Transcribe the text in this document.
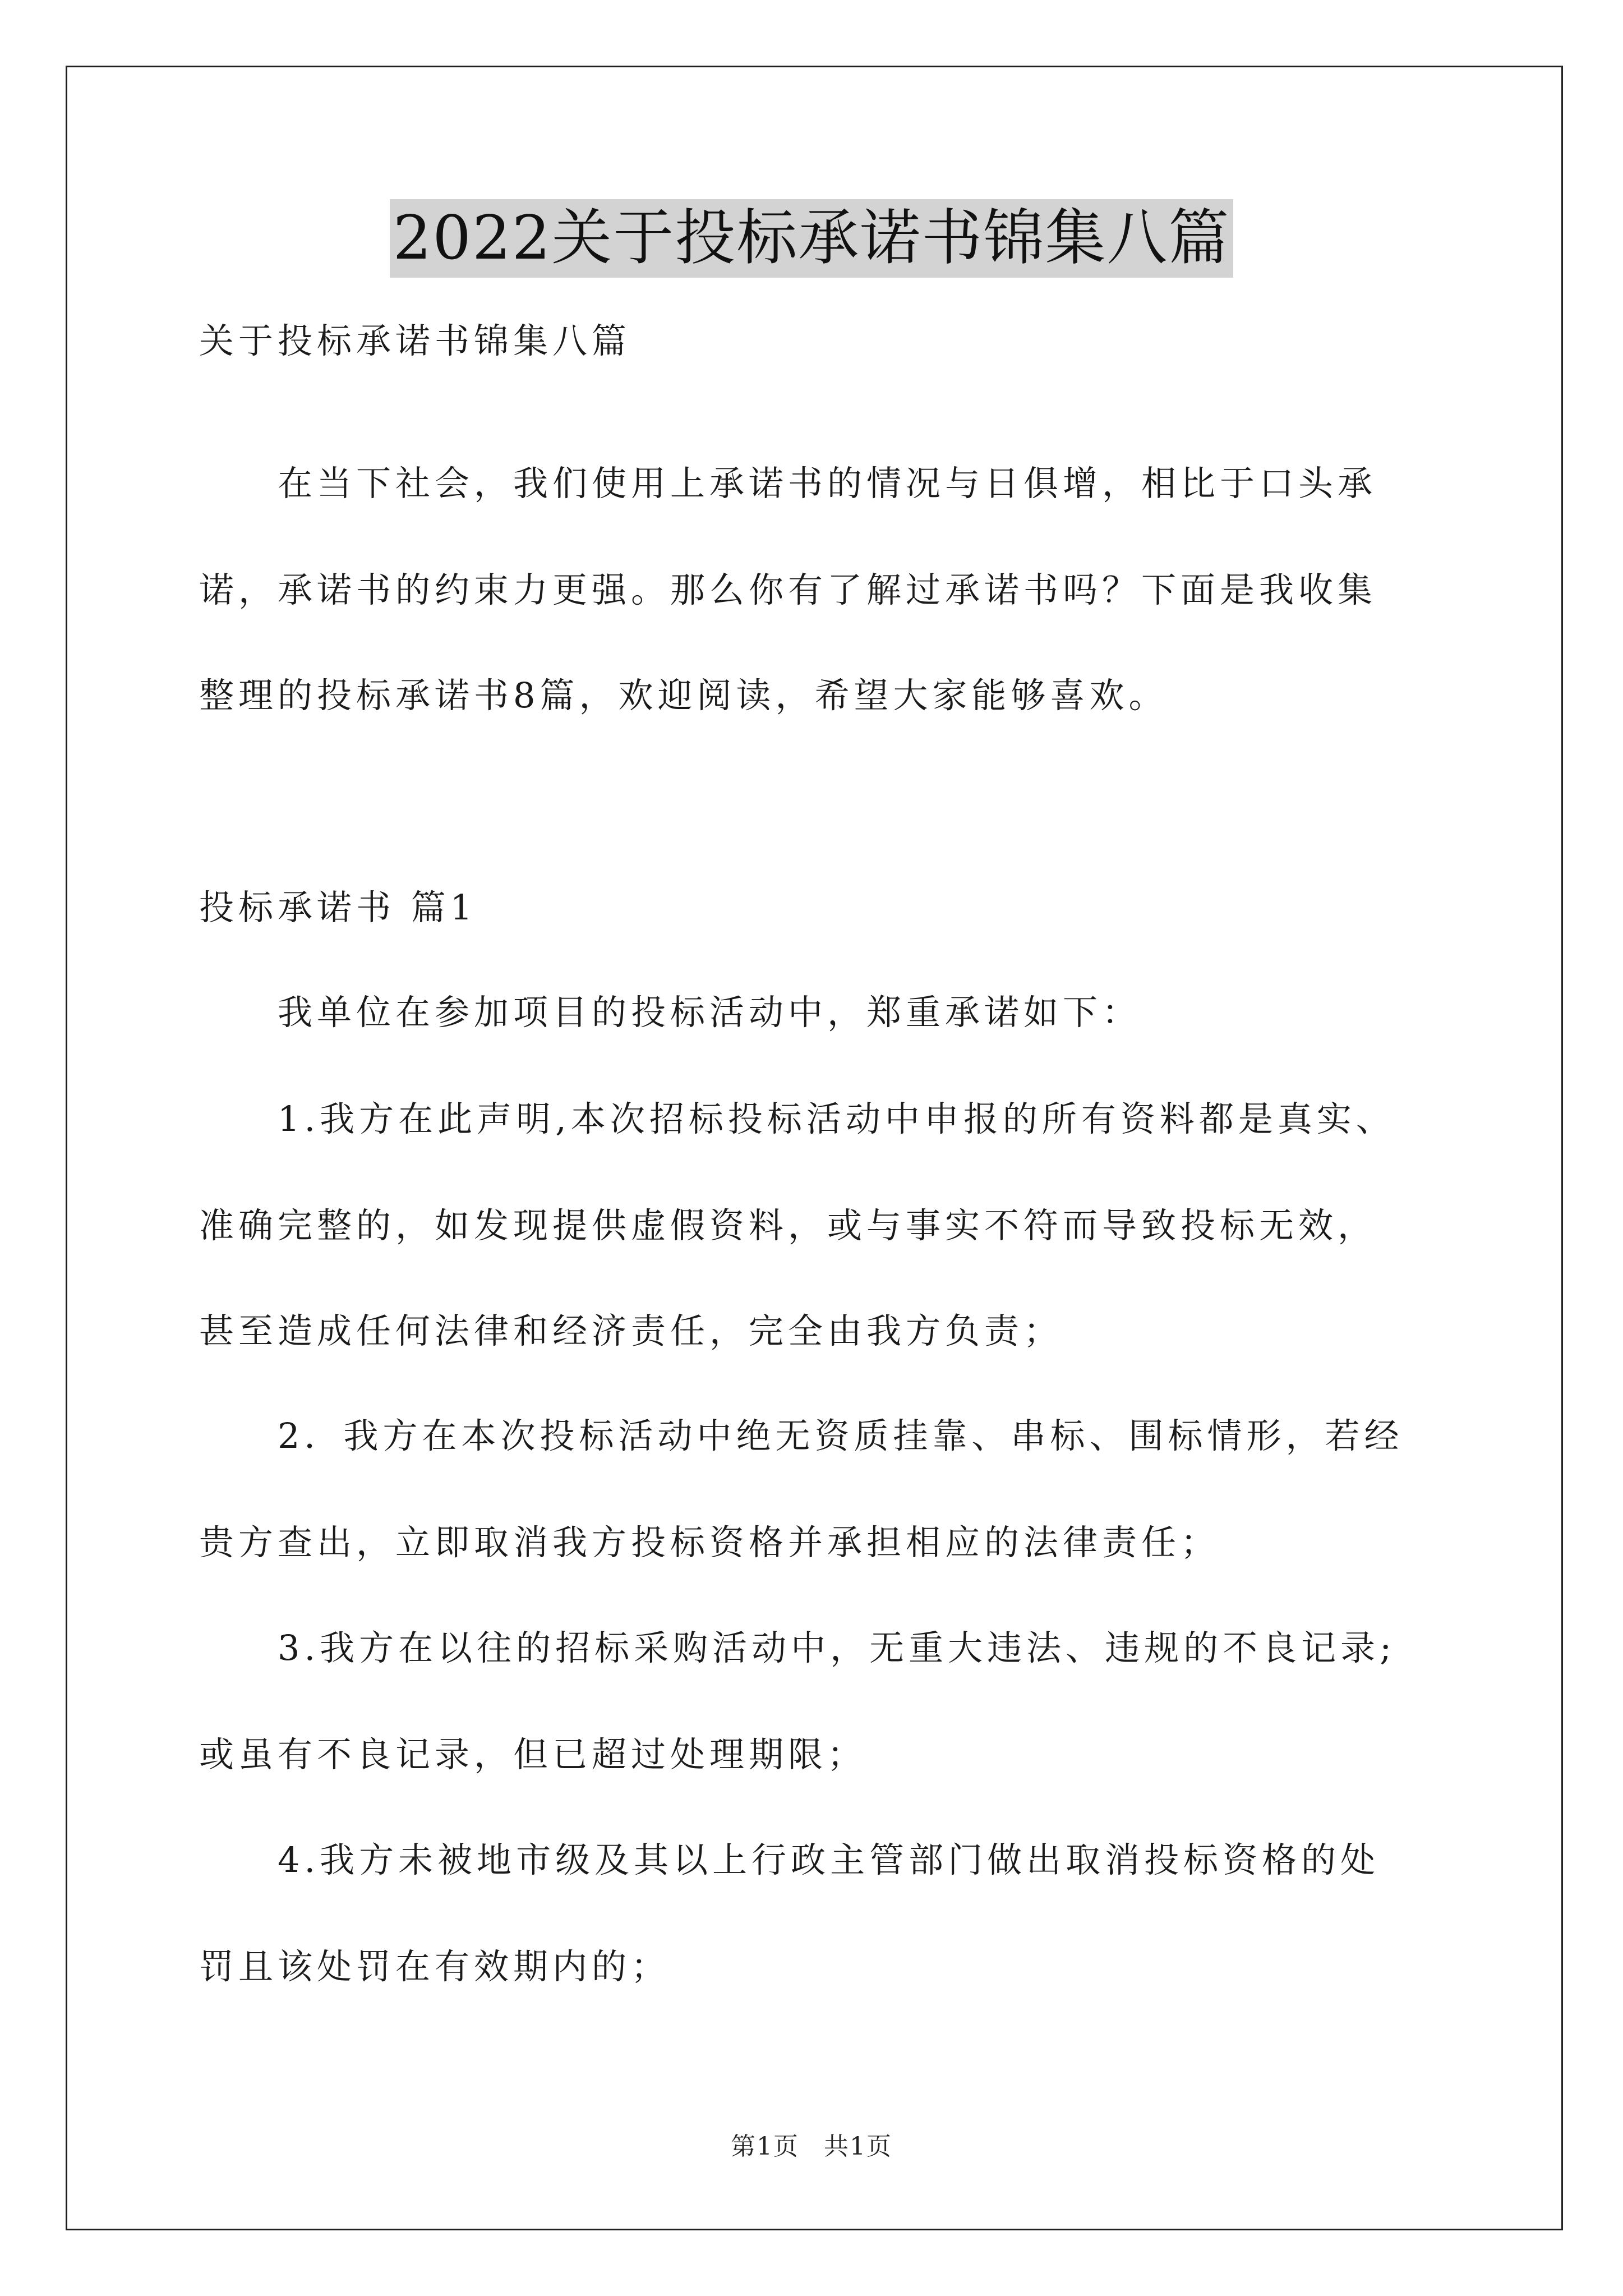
2022关于投标承诺书锦集八篇
关于投标承诺书锦集八篇
在当下社会，我们使用上承诺书的情况与日俱增，相比于口头承
诺，承诺书的约束力更强。那么你有了解过承诺书吗？下面是我收集
整理的投标承诺书8篇，欢迎阅读，希望大家能够喜欢。
投标承诺书 篇1
我单位在参加项目的投标活动中，郑重承诺如下：
1.我方在此声明,本次招标投标活动中申报的所有资料都是真实、
准确完整的，如发现提供虚假资料，或与事实不符而导致投标无效，
甚至造成任何法律和经济责任，完全由我方负责；
2．我方在本次投标活动中绝无资质挂靠、串标、围标情形，若经
贵方查出，立即取消我方投标资格并承担相应的法律责任；
3.我方在以往的招标采购活动中，无重大违法、违规的不良记录;
或虽有不良记录，但已超过处理期限；
4.我方未被地市级及其以上行政主管部门做出取消投标资格的处
罚且该处罚在有效期内的；
第1页 共1页
